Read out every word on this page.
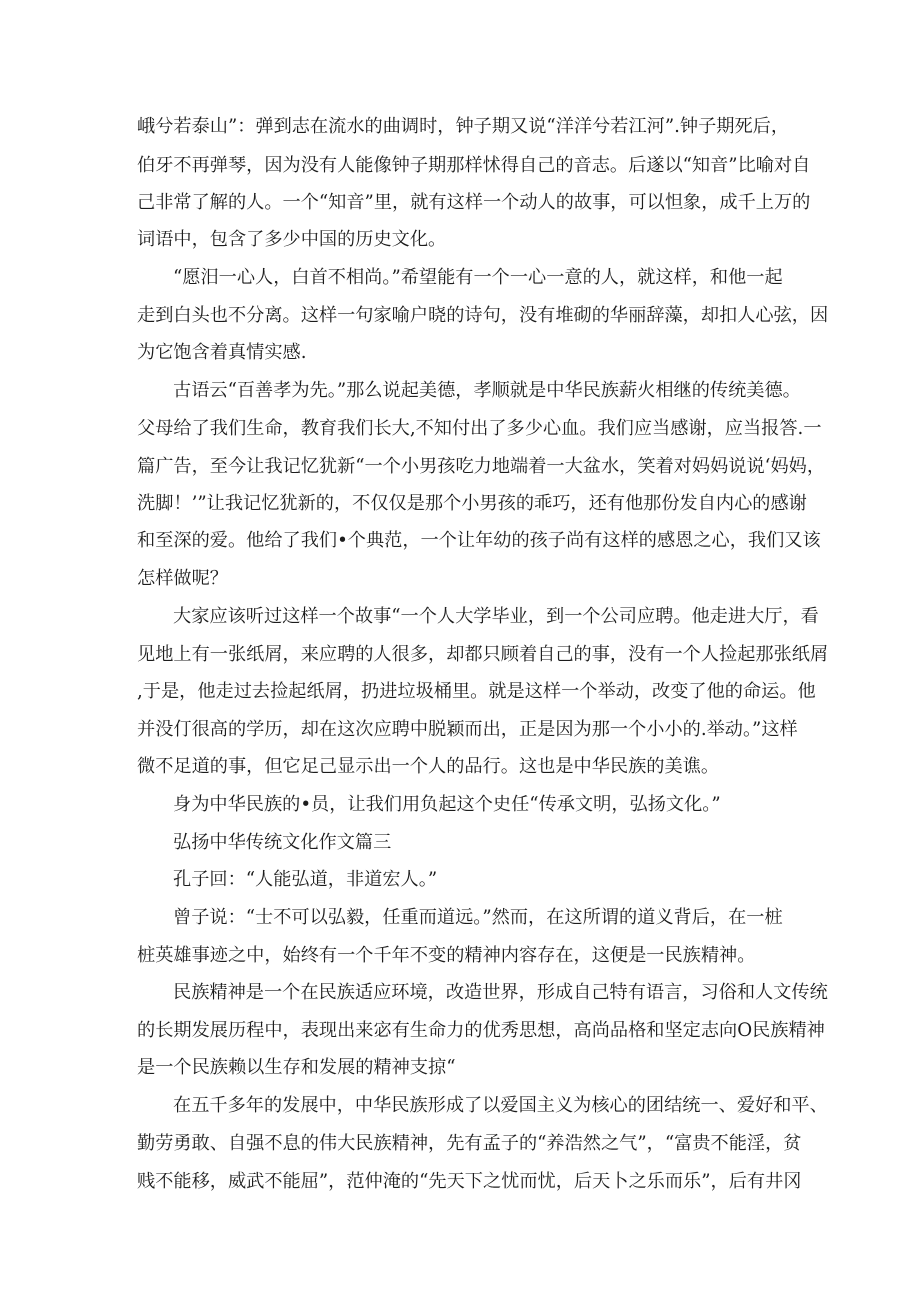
峨兮若泰山”：弹到志在流水的曲调时，钟子期又说“洋洋兮若江河”.钟子期死后，
伯牙不再弹琴，因为没有人能像钟子期那样怵得自己的音志。后遂以“知音”比喻对自
己非常了解的人。一个“知音”里，就有这样一个动人的故事，可以怛象，成千上万的
词语中，包含了多少中国的历史文化。
“愿汨一心人，白首不相尚。”希望能有一个一心一意的人，就这样，和他一起
走到白头也不分离。这样一句家喻户晓的诗句，没有堆砌的华丽辞藻，却扣人心弦，因
为它饱含着真情实感.
古语云“百善孝为先。”那么说起美德，孝顺就是中华民族薪火相继的传统美德。
父母给了我们生命，教育我们长大,不知付出了多少心血。我们应当感谢，应当报答.一
篇广告，至今让我记忆犹新“一个小男孩吃力地端着一大盆水，笑着对妈妈说说‘妈妈，
洗脚！’”让我记忆犹新的，不仅仅是那个小男孩的乖巧，还有他那份发自内心的感谢
和至深的爱。他给了我们•个典范，一个让年幼的孩子尚有这样的感恩之心，我们又该
怎样做呢？
大家应该听过这样一个故事“一个人大学毕业，到一个公司应聘。他走进大厅，看
见地上有一张纸屑，来应聘的人很多，却都只顾着自己的事，没有一个人捡起那张纸屑
,于是，他走过去捡起纸屑，扔进垃圾桶里。就是这样一个举动，改变了他的命运。他
并没仃很高的学历，却在这次应聘中脱颖而出，正是因为那一个小小的.举动。”这样
微不足道的事，但它足己显示出一个人的品行。这也是中华民族的美谯。
身为中华民族的•员，让我们用负起这个史任“传承文明，弘扬文化。”
弘扬中华传统文化作文篇三
孔子回：“人能弘道，非道宏人。”
曾子说：“士不可以弘毅，任重而道远。”然而，在这所谓的道义背后，在一桩
桩英雄事迹之中，始终有一个千年不变的精神内容存在，这便是一民族精神。
民族精神是一个在民族适应环境，改造世界，形成自己特有语言，习俗和人文传统
的长期发展历程中，表现出来宓有生命力的优秀思想，高尚品格和坚定志向O民族精神
是一个民族赖以生存和发展的精神支掠“
在五千多年的发展中，中华民族形成了以爱国主义为核心的团结统一、爱好和平、
勤劳勇敢、自强不息的伟大民族精神，先有孟子的“养浩然之气”，“富贵不能淫，贫
贱不能移，威武不能屈”，范仲淹的“先天下之忧而忧，后天卜之乐而乐”，后有井冈
